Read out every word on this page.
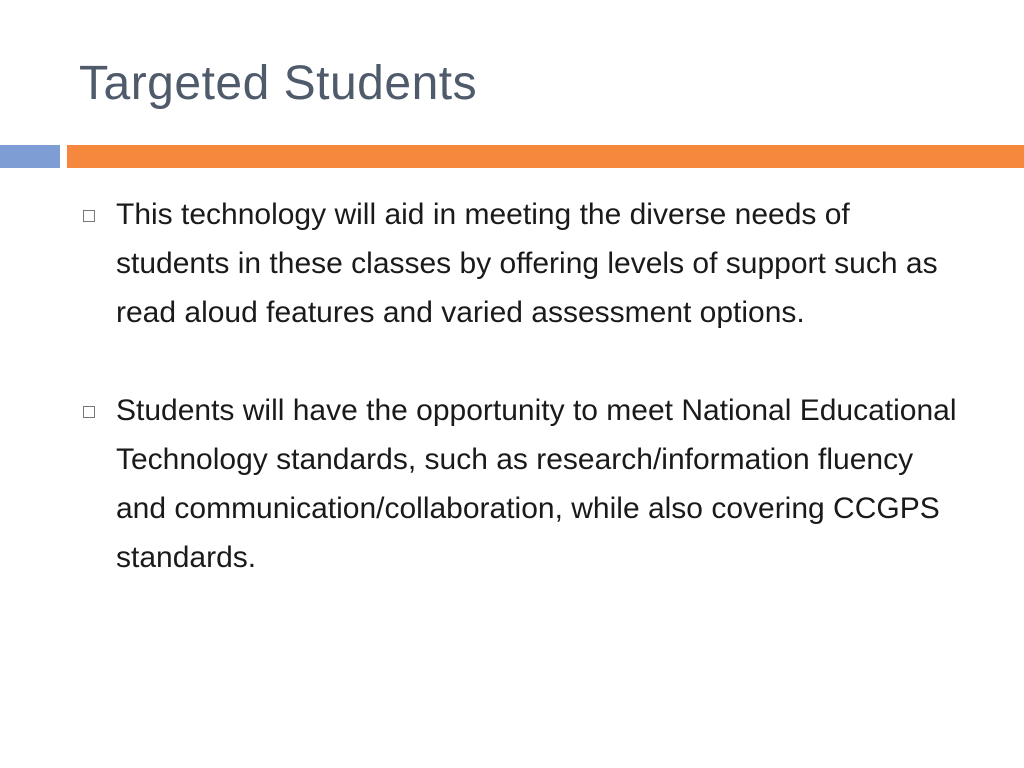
Targeted Students
This technology will aid in meeting the diverse needs of students in these classes by offering levels of support such as read aloud features and varied assessment options.
Students will have the opportunity to meet National Educational Technology standards, such as research/information fluency and communication/collaboration, while also covering CCGPS standards.
